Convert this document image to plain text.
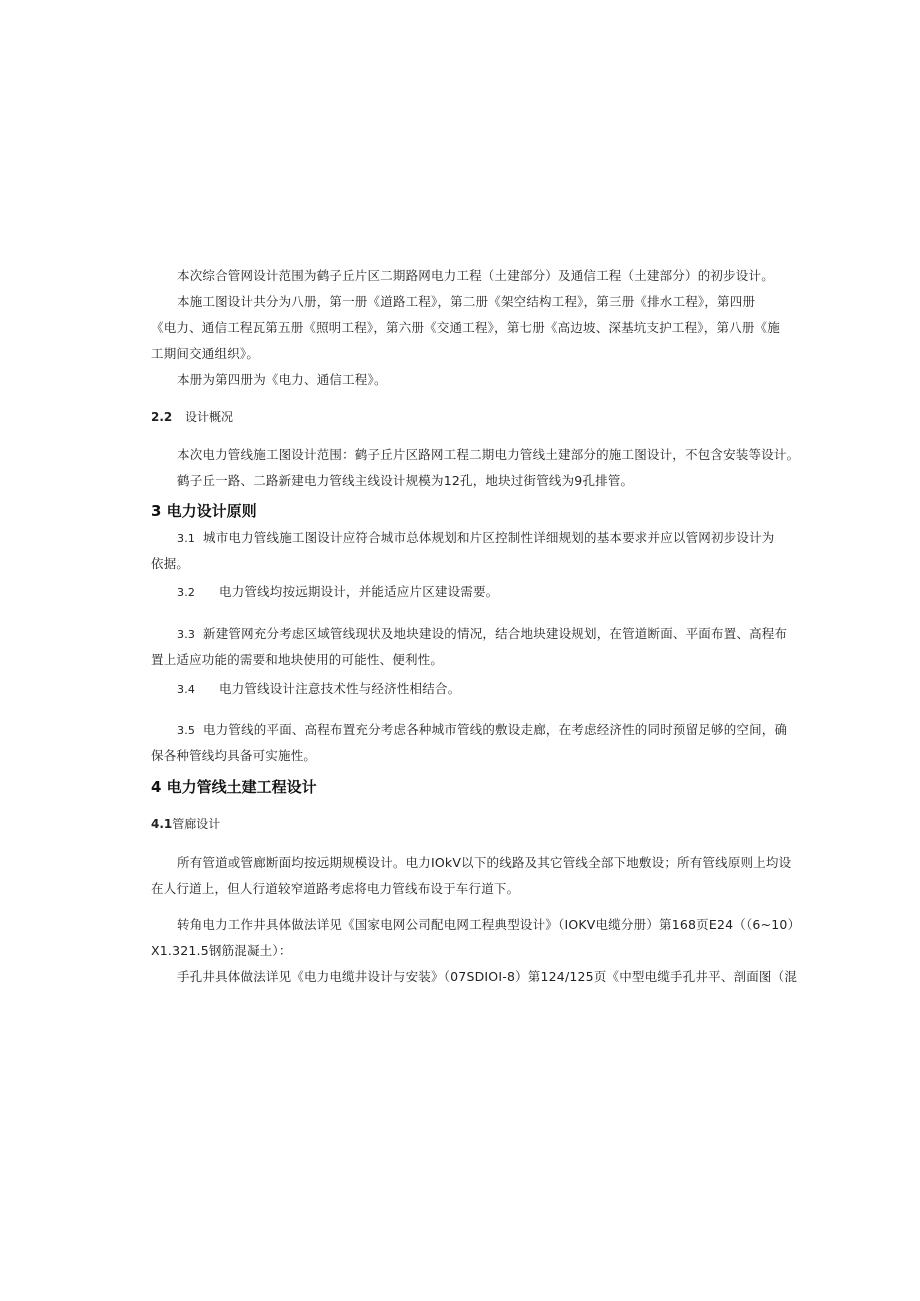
本次综合管网设计范围为鹤子丘片区二期路网电力工程（土建部分）及通信工程（土建部分）的初步设计。
本施工图设计共分为八册，第一册《道路工程》，第二册《架空结构工程》，第三册《排水工程》，第四册
《电力、通信工程瓦第五册《照明工程》，第六册《交通工程》，第七册《高边坡、深基坑支护工程》，第八册《施
工期间交通组织》。
本册为第四册为《电力、通信工程》。
2.2 设计概况
本次电力管线施工图设计范围：鹤子丘片区路网工程二期电力管线土建部分的施工图设计，不包含安装等设计。
鹤子丘一路、二路新建电力管线主线设计规模为12孔，地块过街管线为9孔排管。
3 电力设计原则
3.1 城市电力管线施工图设计应符合城市总体规划和片区控制性详细规划的基本要求并应以管网初步设计为
依据。
3.2 电力管线均按远期设计，并能适应片区建设需要。
3.3 新建管网充分考虑区域管线现状及地块建设的情况，结合地块建设规划，在管道断面、平面布置、高程布
置上适应功能的需要和地块使用的可能性、便利性。
3.4 电力管线设计注意技术性与经济性相结合。
3.5 电力管线的平面、高程布置充分考虑各种城市管线的敷设走廊，在考虑经济性的同时预留足够的空间，确
保各种管线均具备可实施性。
4 电力管线土建工程设计
4.1管廊设计
所有管道或管廊断面均按远期规模设计。电力IOkV以下的线路及其它管线全部下地敷设；所有管线原则上均设
在人行道上，但人行道较窄道路考虑将电力管线布设于车行道下。
转角电力工作井具体做法详见《国家电网公司配电网工程典型设计》（IOKV电缆分册）第168页E24（（6~10）
X1.321.5钢筋混凝土）：
手孔井具体做法详见《电力电缆井设计与安装》（07SDIOI-8）第124/125页《中型电缆手孔井平、剖面图（混
